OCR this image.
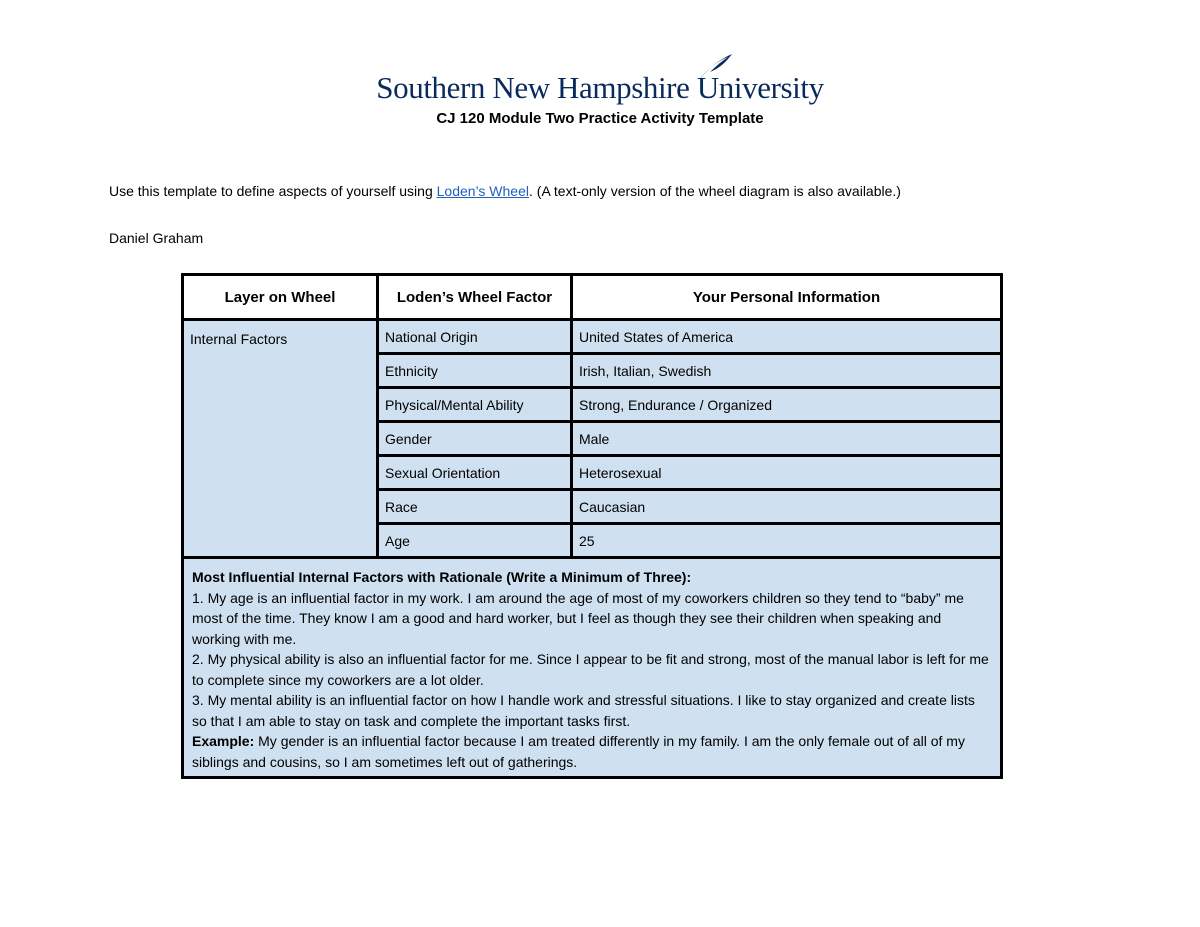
Southern New Hampshire University
CJ 120 Module Two Practice Activity Template
Use this template to define aspects of yourself using Loden’s Wheel. (A text-only version of the wheel diagram is also available.)
Daniel Graham
Layer on Wheel	Loden’s Wheel Factor	Your Personal Information
Internal Factors	National Origin	United States of America
	Ethnicity	Irish, Italian, Swedish
	Physical/Mental Ability	Strong, Endurance / Organized
	Gender	Male
	Sexual Orientation	Heterosexual
	Race	Caucasian
	Age	25

Most Influential Internal Factors with Rationale (Write a Minimum of Three):

1. My age is an influential factor in my work. I am around the age of most of my coworkers children so they tend to “baby” me most of the time. They know I am a good and hard worker, but I feel as though they see their children when speaking and working with me.

2. My physical ability is also an influential factor for me. Since I appear to be fit and strong, most of the manual labor is left for me to complete since my coworkers are a lot older.

3. My mental ability is an influential factor on how I handle work and stressful situations. I like to stay organized and create lists so that I am able to stay on task and complete the important tasks first.

Example: My gender is an influential factor because I am treated differently in my family. I am the only female out of all of my siblings and cousins, so I am sometimes left out of gatherings.		
